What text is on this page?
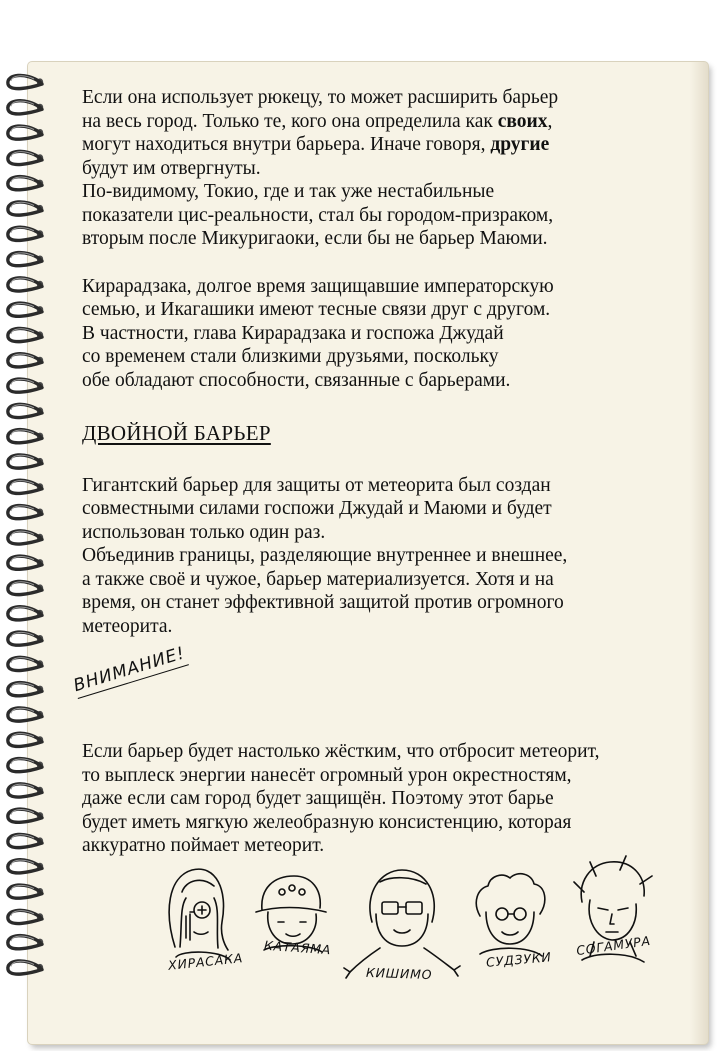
Если она использует рюкецу, то может расширить барьер
на весь город. Только те, кого она определила как своих,
могут находиться внутри барьера. Иначе говоря, другие
будут им отвергнуты.
По-видимому, Токио, где и так уже нестабильные
показатели цис-реальности, стал бы городом-призраком,
вторым после Микуригаоки, если бы не барьер Маюми.

Кирарадзака, долгое время защищавшие императорскую
семью, и Икагашики имеют тесные связи друг с другом.
В частности, глава Кирарадзака и госпожа Джудай
со временем стали близкими друзьями, поскольку
обе обладают способности, связанные с барьерами.

ДВОЙНОЙ БАРЬЕР

Гигантский барьер для защиты от метеорита был создан
совместными силами госпожи Джудай и Маюми и будет
использован только один раз.
Объединив границы, разделяющие внутреннее и внешнее,
а также своё и чужое, барьер материализуется. Хотя и на
время, он станет эффективной защитой против огромного
метеорита.

ВНИМАНИЕ!

Если барьер будет настолько жёстким, что отбросит метеорит,
то выплеск энергии нанесёт огромный урон окрестностям,
даже если сам город будет защищён. Поэтому этот барье
будет иметь мягкую желеобразную консистенцию, которая
аккуратно поймает метеорит.

ХИРАСАКА
КАТАЯМА
КИШИМО
СУДЗУКИ
СОГАМУРА
